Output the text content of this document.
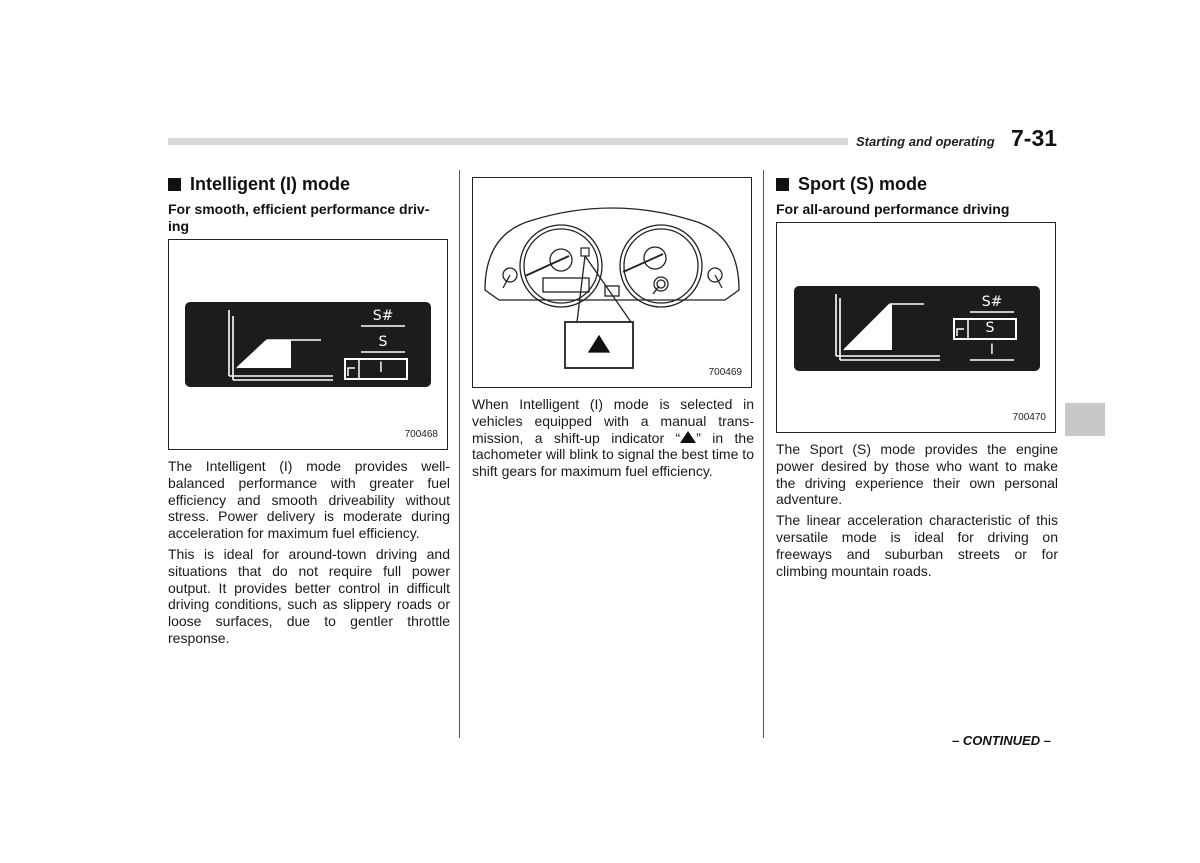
Starting and operating 7-31
Intelligent (I) mode
For smooth, efficient performance driv-
ing
S#
S
I
700468

The Intelligent (I) mode provides well-balanced performance with greater fuel efficiency and smooth driveability without stress. Power delivery is moderate during acceleration for maximum fuel efficiency.

This is ideal for around-town driving and situations that do not require full power output. It provides better control in difficult driving conditions, such as slippery roads or loose surfaces, due to gentler throttle response.

700469

When Intelligent (I) mode is selected in vehicles equipped with a manual trans-mission, a shift-up indicator “ ” in the tachometer will blink to signal the best time to shift gears for maximum fuel efficiency.

Sport (S) mode
For all-around performance driving
S#
S
I
700470

The Sport (S) mode provides the engine power desired by those who want to make the driving experience their own personal adventure.

The linear acceleration characteristic of this versatile mode is ideal for driving on freeways and suburban streets or for climbing mountain roads.

– CONTINUED –
